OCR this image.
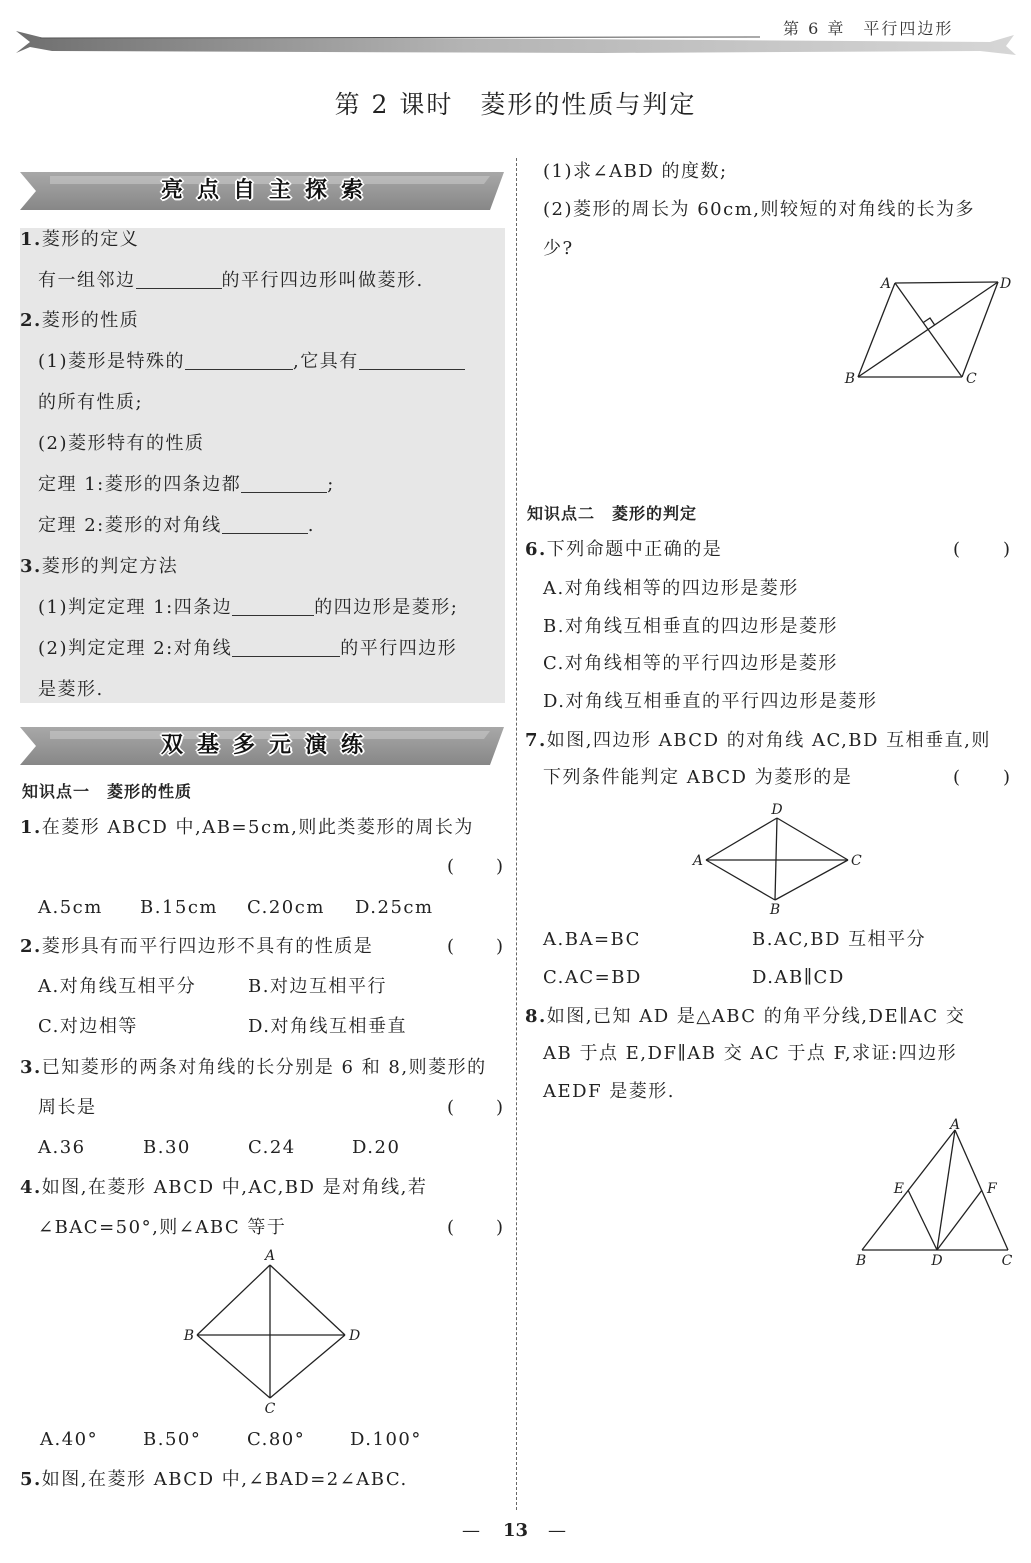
第 6 章　平行四边形
第 2 课时　菱形的性质与判定
亮点自主探索
1.菱形的定义
有一组邻边	的平行四边形叫做菱形.
2.菱形的性质
(1)菱形是特殊的	,它具有
的所有性质;
(2)菱形特有的性质
定理 1:菱形的四条边都	;
定理 2:菱形的对角线	.
3.菱形的判定方法
(1)判定定理 1:四条边	的四边形是菱形;
(2)判定定理 2:对角线	的平行四边形
是菱形.
双基多元演练
知识点一　菱形的性质
1.在菱形 ABCD 中,AB=5cm,则此类菱形的周长为
( )
A.5cm B.15cm C.20cm D.25cm
2.菱形具有而平行四边形不具有的性质是	( )
A.对角线互相平分	B.对边互相平行
C.对边相等	D.对角线互相垂直
3.已知菱形的两条对角线的长分别是 6 和 8,则菱形的
周长是	( )
A.36	B.30	C.24	D.20
4.如图,在菱形 ABCD 中,AC,BD 是对角线,若
∠BAC=50°,则∠ABC 等于	( )
A.40° B.50°	C.80° D.100°
5.如图,在菱形 ABCD 中,∠BAD=2∠ABC.
(1)求∠ABD 的度数;
(2)菱形的周长为 60cm,则较短的对角线的长为多
少?
知识点二　菱形的判定
6.下列命题中正确的是	( )
A.对角线相等的四边形是菱形
B.对角线互相垂直的四边形是菱形
C.对角线相等的平行四边形是菱形
D.对角线互相垂直的平行四边形是菱形
7.如图,四边形 ABCD 的对角线 AC,BD 互相垂直,则
下列条件能判定 ABCD 为菱形的是	( )
A.BA=BC	B.AC,BD 互相平分
C.AC=BD	D.AB∥CD
8.如图,已知 AD 是△ABC 的角平分线,DE∥AC 交
AB 于点 E,DF∥AB 交 AC 于点 F,求证:四边形
AEDF 是菱形.
A
B
C
D
A
B	C
D
A
B
C
D
A
B	C
D
E	F
— 13 —
